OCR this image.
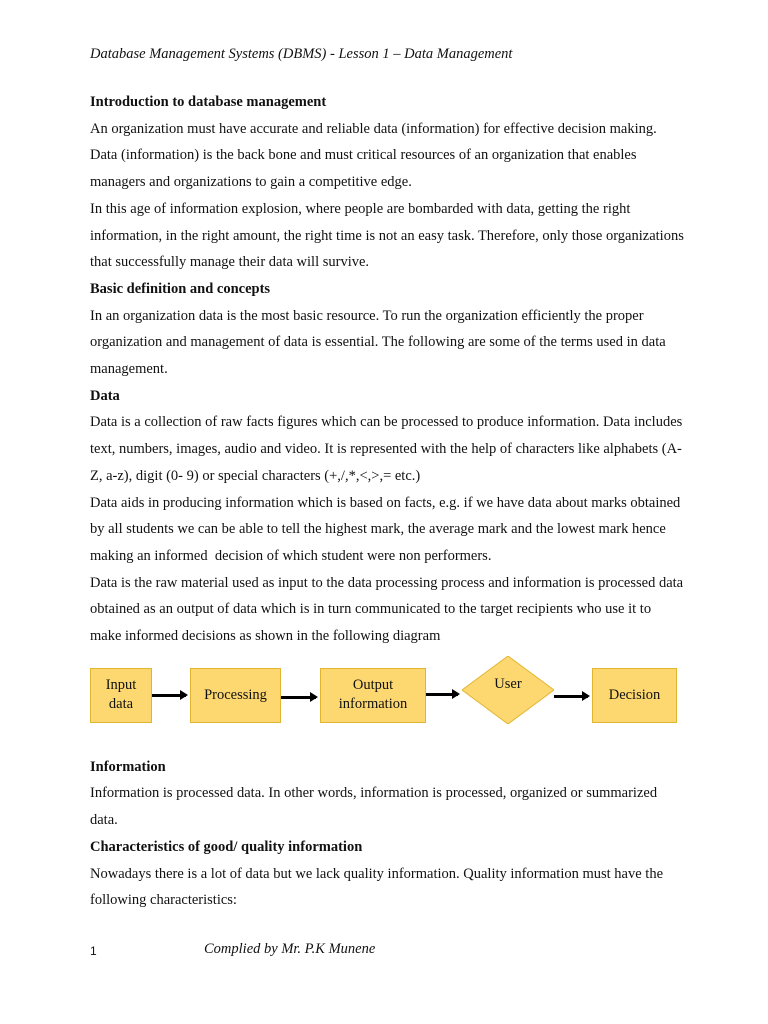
Database Management Systems (DBMS) - Lesson 1 – Data Management
Introduction to database management

An organization must have accurate and reliable data (information) for effective decision making. Data (information) is the back bone and must critical resources of an organization that enables managers and organizations to gain a competitive edge.

In this age of information explosion, where people are bombarded with data, getting the right information, in the right amount, the right time is not an easy task. Therefore, only those organizations that successfully manage their data will survive.

Basic definition and concepts

In an organization data is the most basic resource. To run the organization efficiently the proper organization and management of data is essential. The following are some of the terms used in data management.

Data

Data is a collection of raw facts figures which can be processed to produce information. Data includes text, numbers, images, audio and video. It is represented with the help of characters like alphabets (A-Z, a-z), digit (0- 9) or special characters (+,/,*,<,>,= etc.)

Data aids in producing information which is based on facts, e.g. if we have data about marks obtained by all students we can be able to tell the highest mark, the average mark and the lowest mark hence making an informed  decision of which student were non performers.

Data is the raw material used as input to the data processing process and information is processed data obtained as an output of data which is in turn communicated to the target recipients who use it to make informed decisions as shown in the following diagram

Input
data
Processing
Output
information
User
Decision
Information

Information is processed data. In other words, information is processed, organized or summarized data.

Characteristics of good/ quality information

Nowadays there is a lot of data but we lack quality information. Quality information must have the following characteristics:

1	Complied by Mr. P.K Munene
